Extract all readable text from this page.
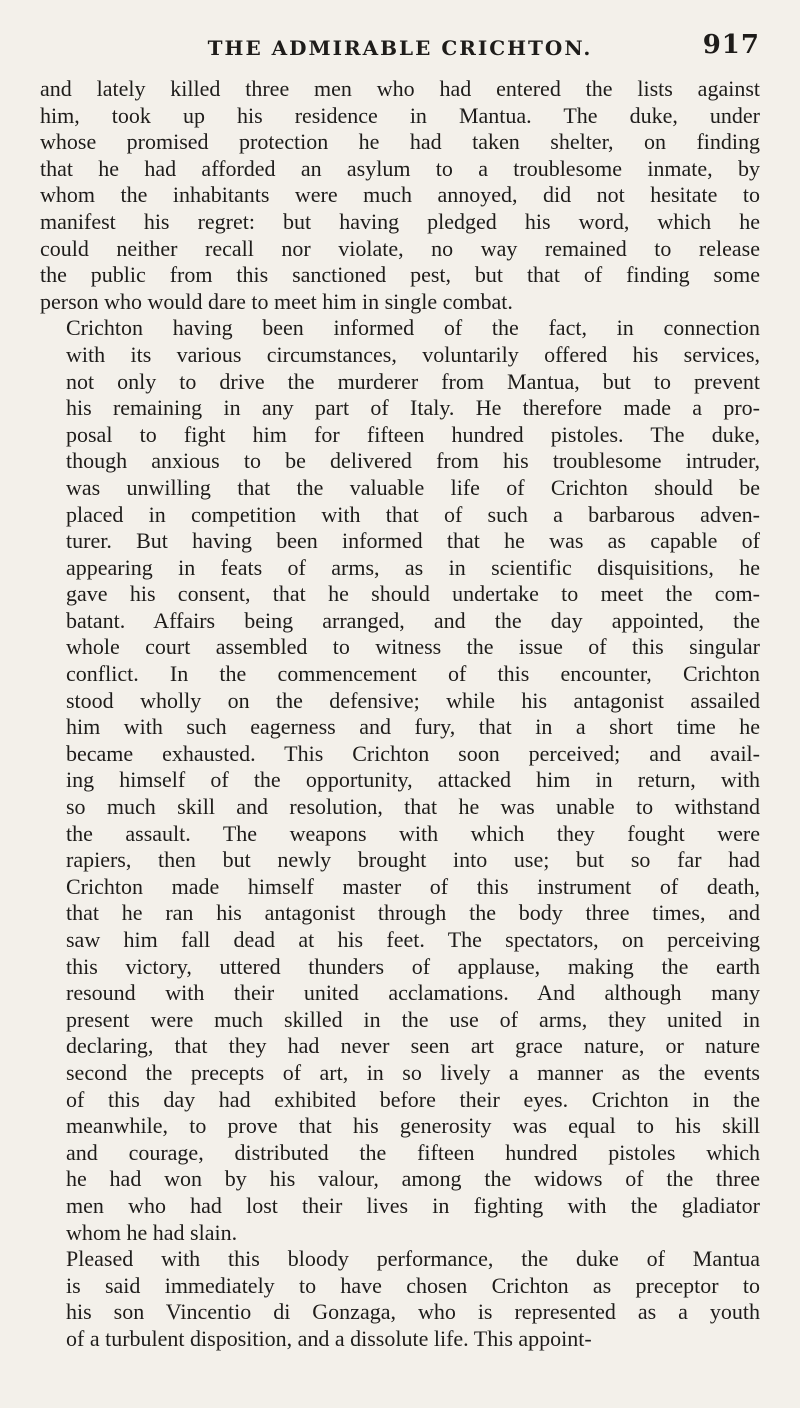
THE ADMIRABLE CRICHTON.	917
and lately killed three men who had entered the lists against
him, took up his residence in Mantua. The duke, under
whose promised protection he had taken shelter, on finding
that he had afforded an asylum to a troublesome inmate, by
whom the inhabitants were much annoyed, did not hesitate to
manifest his regret: but having pledged his word, which he
could neither recall nor violate, no way remained to release
the public from this sanctioned pest, but that of finding some
person who would dare to meet him in single combat.
Crichton having been informed of the fact, in connection
with its various circumstances, voluntarily offered his services,
not only to drive the murderer from Mantua, but to prevent
his remaining in any part of Italy. He therefore made a pro-
posal to fight him for fifteen hundred pistoles. The duke,
though anxious to be delivered from his troublesome intruder,
was unwilling that the valuable life of Crichton should be
placed in competition with that of such a barbarous adven-
turer. But having been informed that he was as capable of
appearing in feats of arms, as in scientific disquisitions, he
gave his consent, that he should undertake to meet the com-
batant. Affairs being arranged, and the day appointed, the
whole court assembled to witness the issue of this singular
conflict. In the commencement of this encounter, Crichton
stood wholly on the defensive; while his antagonist assailed
him with such eagerness and fury, that in a short time he
became exhausted. This Crichton soon perceived; and avail-
ing himself of the opportunity, attacked him in return, with
so much skill and resolution, that he was unable to withstand
the assault. The weapons with which they fought were
rapiers, then but newly brought into use; but so far had
Crichton made himself master of this instrument of death,
that he ran his antagonist through the body three times, and
saw him fall dead at his feet. The spectators, on perceiving
this victory, uttered thunders of applause, making the earth
resound with their united acclamations. And although many
present were much skilled in the use of arms, they united in
declaring, that they had never seen art grace nature, or nature
second the precepts of art, in so lively a manner as the events
of this day had exhibited before their eyes. Crichton in the
meanwhile, to prove that his generosity was equal to his skill
and courage, distributed the fifteen hundred pistoles which
he had won by his valour, among the widows of the three
men who had lost their lives in fighting with the gladiator
whom he had slain.
Pleased with this bloody performance, the duke of Mantua
is said immediately to have chosen Crichton as preceptor to
his son Vincentio di Gonzaga, who is represented as a youth
of a turbulent disposition, and a dissolute life. This appoint-
